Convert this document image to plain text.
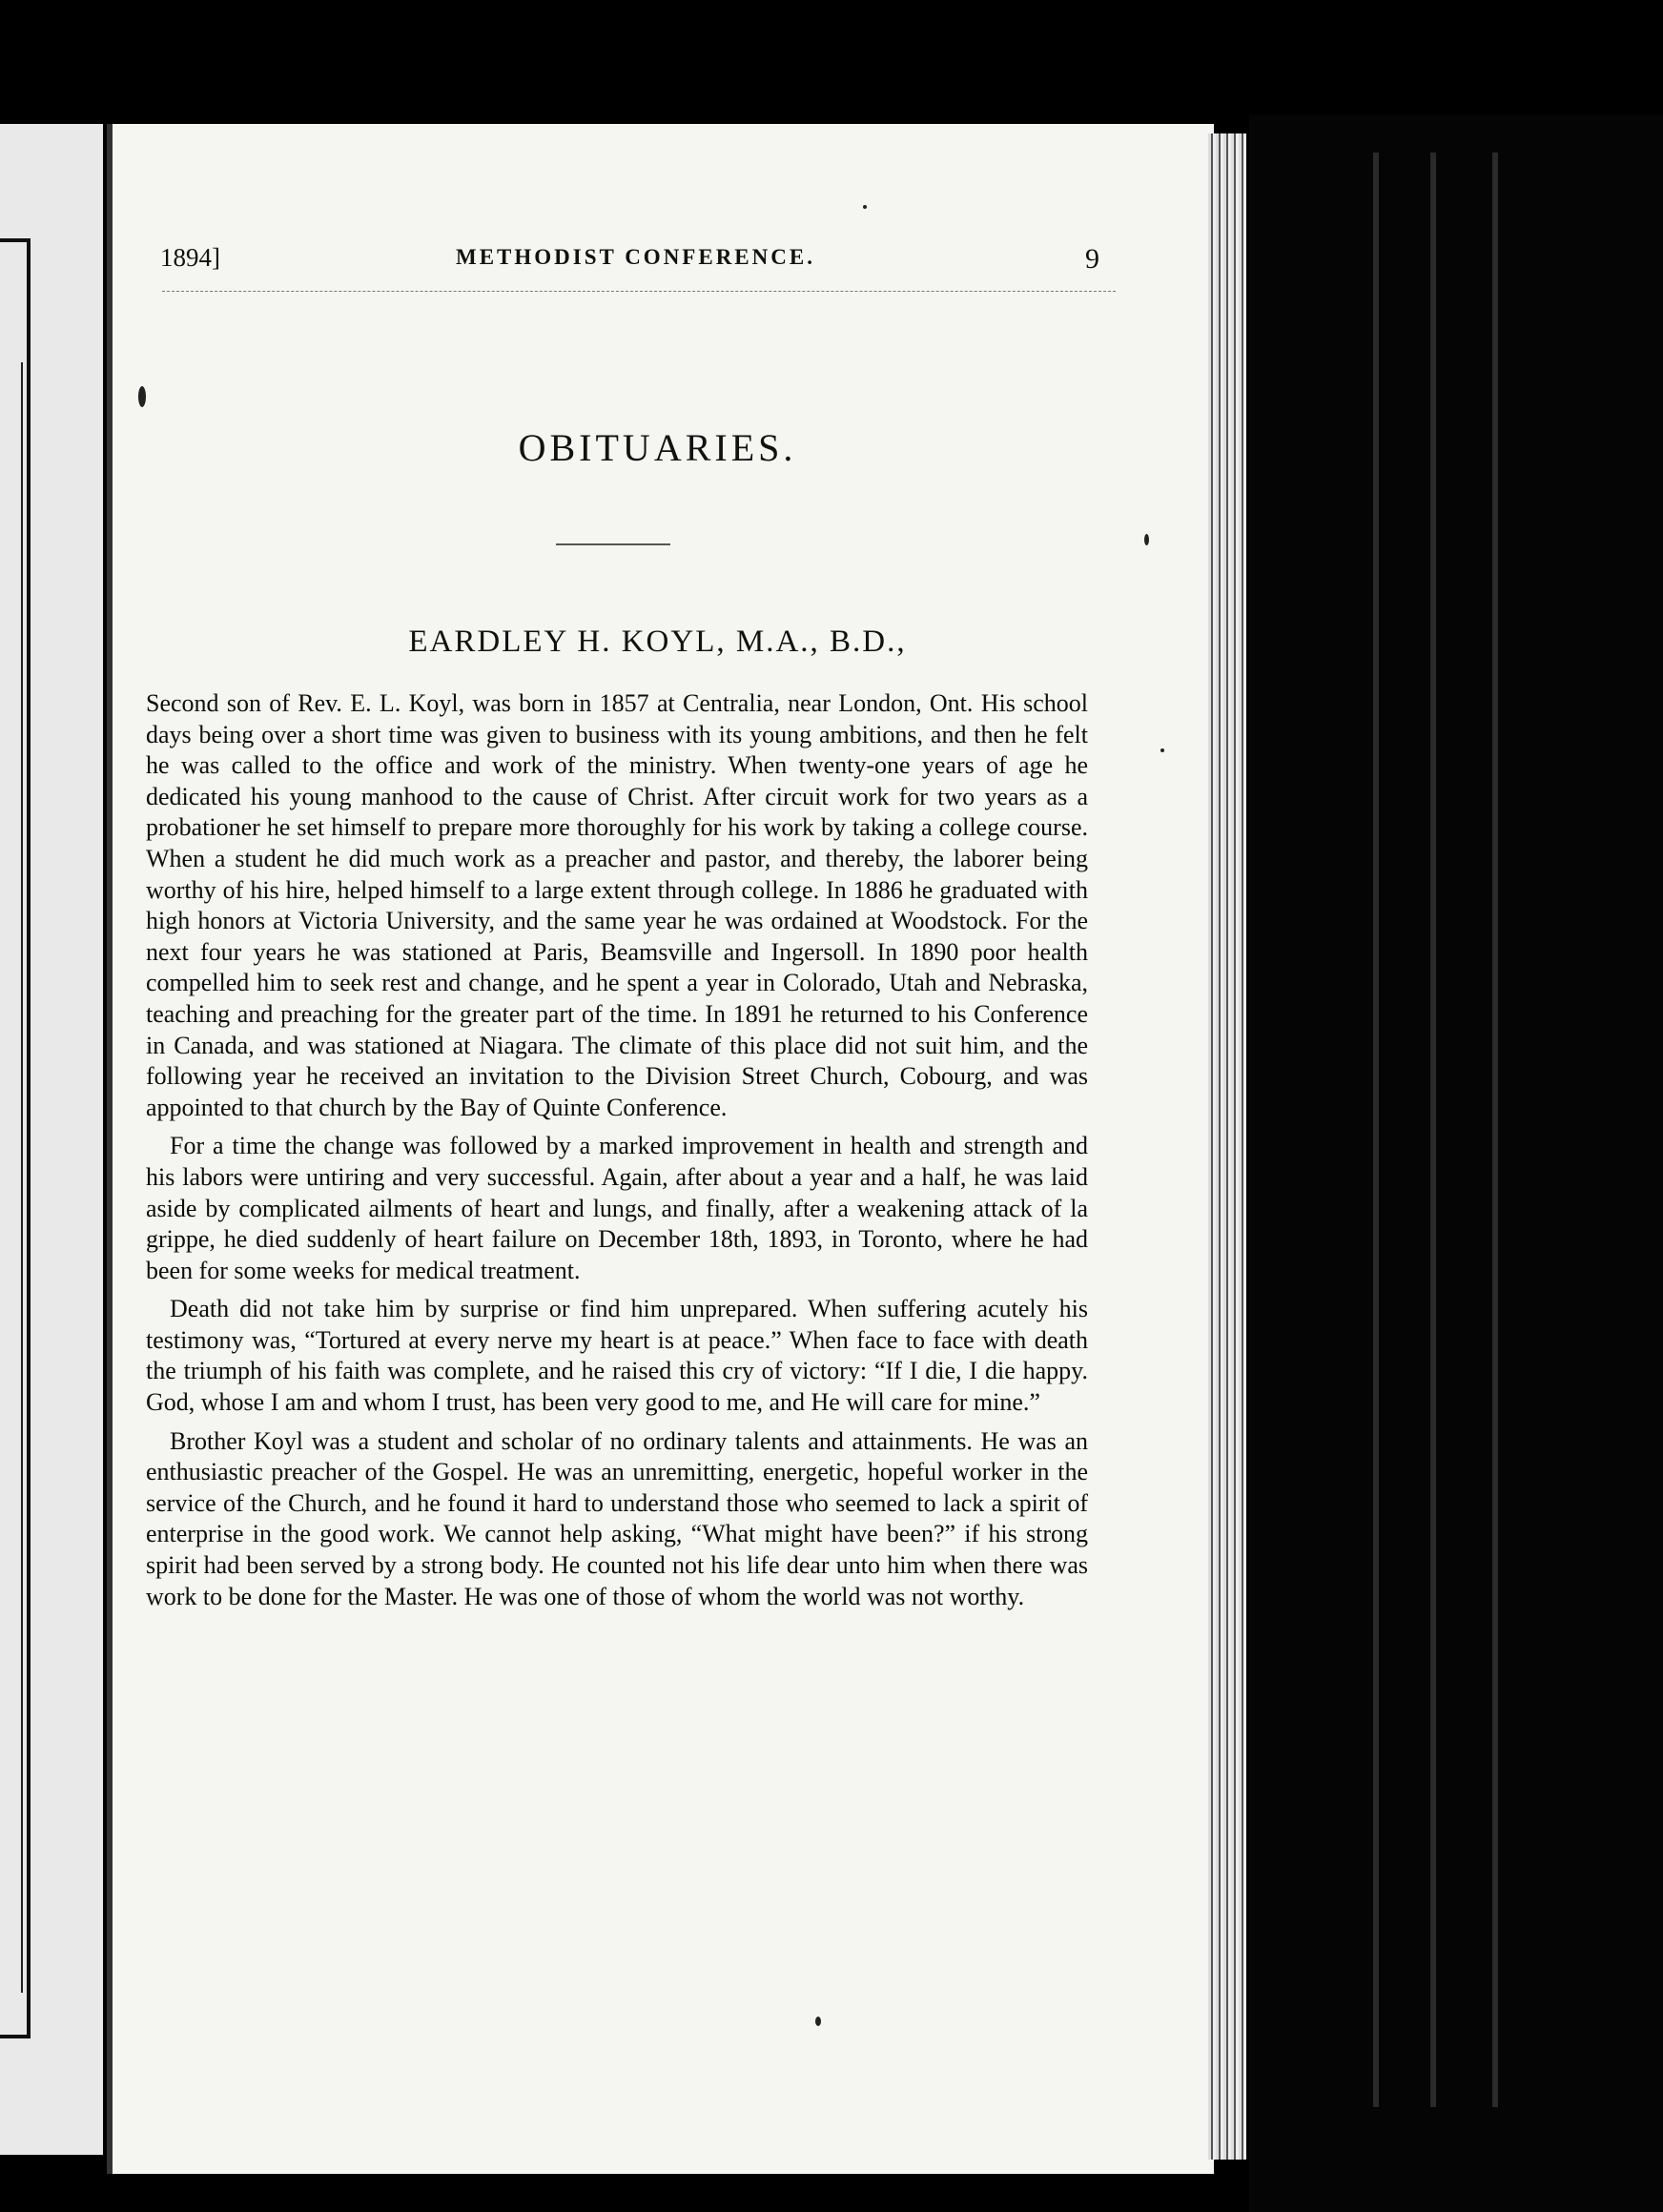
1894]	METHODIST CONFERENCE.	9
OBITUARIES.
EARDLEY H. KOYL, M.A., B.D.,

Second son of Rev. E. L. Koyl, was born in 1857 at Centralia, near London, Ont. His school days being over a short time was given to business with its young ambitions, and then he felt he was called to the office and work of the ministry. When twenty-one years of age he dedicated his young manhood to the cause of Christ. After circuit work for two years as a probationer he set himself to prepare more thoroughly for his work by taking a college course. When a student he did much work as a preacher and pastor, and thereby, the laborer being worthy of his hire, helped himself to a large extent through college. In 1886 he graduated with high honors at Victoria University, and the same year he was ordained at Woodstock. For the next four years he was stationed at Paris, Beamsville and Ingersoll. In 1890 poor health compelled him to seek rest and change, and he spent a year in Colorado, Utah and Nebraska, teaching and preaching for the greater part of the time. In 1891 he returned to his Conference in Canada, and was stationed at Niagara. The climate of this place did not suit him, and the following year he received an invitation to the Division Street Church, Cobourg, and was appointed to that church by the Bay of Quinte Conference.

For a time the change was followed by a marked improvement in health and strength and his labors were untiring and very successful. Again, after about a year and a half, he was laid aside by complicated ailments of heart and lungs, and finally, after a weakening attack of la grippe, he died suddenly of heart failure on December 18th, 1893, in Toronto, where he had been for some weeks for medical treatment.

Death did not take him by surprise or find him unprepared. When suffering acutely his testimony was, “Tortured at every nerve my heart is at peace.” When face to face with death the triumph of his faith was complete, and he raised this cry of victory: “If I die, I die happy. God, whose I am and whom I trust, has been very good to me, and He will care for mine.”

Brother Koyl was a student and scholar of no ordinary talents and attainments. He was an enthusiastic preacher of the Gospel. He was an unremitting, energetic, hopeful worker in the service of the Church, and he found it hard to understand those who seemed to lack a spirit of enterprise in the good work. We cannot help asking, “What might have been?” if his strong spirit had been served by a strong body. He counted not his life dear unto him when there was work to be done for the Master. He was one of those of whom the world was not worthy.
